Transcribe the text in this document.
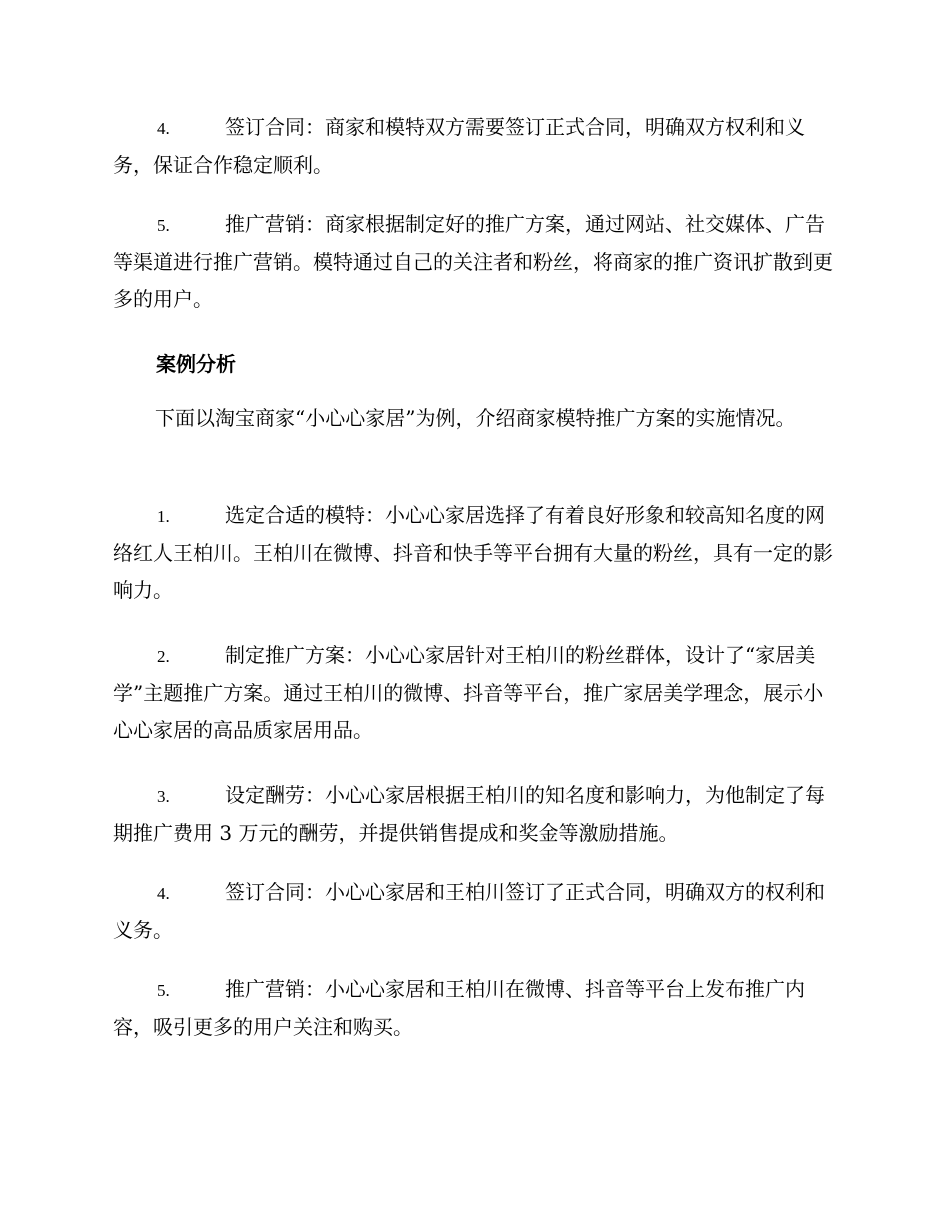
4.	签订合同：商家和模特双方需要签订正式合同，明确双方权利和义务，保证合作稳定顺利。

5.	推广营销：商家根据制定好的推广方案，通过网站、社交媒体、广告等渠道进行推广营销。模特通过自己的关注者和粉丝，将商家的推广资讯扩散到更多的用户。

案例分析

下面以淘宝商家“小心心家居”为例，介绍商家模特推广方案的实施情况。

1.	选定合适的模特：小心心家居选择了有着良好形象和较高知名度的网络红人王柏川。王柏川在微博、抖音和快手等平台拥有大量的粉丝，具有一定的影响力。

2.	制定推广方案：小心心家居针对王柏川的粉丝群体，设计了“家居美学”主题推广方案。通过王柏川的微博、抖音等平台，推广家居美学理念，展示小心心家居的高品质家居用品。

3.	设定酬劳：小心心家居根据王柏川的知名度和影响力，为他制定了每期推广费用 3 万元的酬劳，并提供销售提成和奖金等激励措施。

4.	签订合同：小心心家居和王柏川签订了正式合同，明确双方的权利和义务。

5.	推广营销：小心心家居和王柏川在微博、抖音等平台上发布推广内容，吸引更多的用户关注和购买。
